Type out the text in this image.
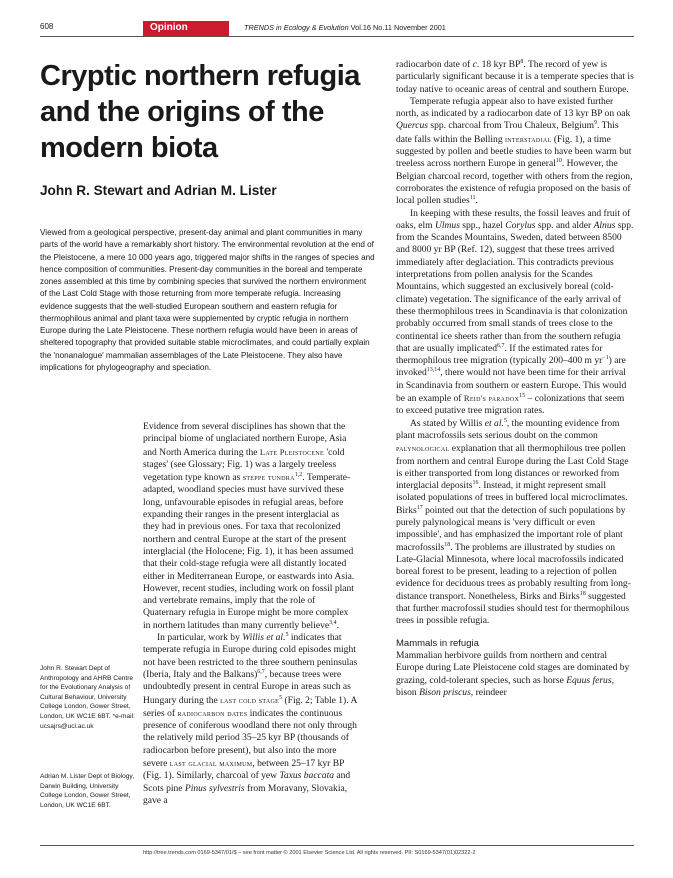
608	Opinion	TRENDS in Ecology & Evolution Vol.16 No.11 November 2001
Cryptic northern refugia and the origins of the modern biota
John R. Stewart and Adrian M. Lister
Viewed from a geological perspective, present-day animal and plant communities in many parts of the world have a remarkably short history. The environmental revolution at the end of the Pleistocene, a mere 10 000 years ago, triggered major shifts in the ranges of species and hence composition of communities. Present-day communities in the boreal and temperate zones assembled at this time by combining species that survived the northern environment of the Last Cold Stage with those returning from more temperate refugia. Increasing evidence suggests that the well-studied European southern and eastern refugia for thermophilous animal and plant taxa were supplemented by cryptic refugia in northern Europe during the Late Pleistocene. These northern refugia would have been in areas of sheltered topography that provided suitable stable microclimates, and could partially explain the 'nonanalogue' mammalian assemblages of the Late Pleistocene. They also have implications for phylogeography and speciation.

Evidence from several disciplines has shown that the principal biome of unglaciated northern Europe, Asia and North America during the Late Pleistocene 'cold stages' (see Glossary; Fig. 1) was a largely treeless vegetation type known as steppe tundra$^{1,2}$. Temperate-adapted, woodland species must have survived these long, unfavourable episodes in refugial areas, before expanding their ranges in the present interglacial as they had in previous ones. For taxa that recolonized northern and central Europe at the start of the present interglacial (the Holocene; Fig. 1), it has been assumed that their cold-stage refugia were all distantly located either in Mediterranean Europe, or eastwards into Asia. However, recent studies, including work on fossil plant and vertebrate remains, imply that the role of Quaternary refugia in Europe might be more complex in northern latitudes than many currently believe$^{3,4}$.

In particular, work by Willis et al.$^5$ indicates that temperate refugia in Europe during cold episodes might not have been restricted to the three southern peninsulas (Iberia, Italy and the Balkans)$^{6,7}$, because trees were undoubtedly present in central Europe in areas such as Hungary during the last cold stage$^5$ (Fig. 2; Table 1). A series of radiocarbon dates indicates the continuous presence of coniferous woodland there not only through the relatively mild period 35–25 kyr BP (thousands of radiocarbon before present), but also into the more severe last glacial maximum, between 25–17 kyr BP (Fig. 1). Similarly, charcoal of yew Taxus baccata and Scots pine Pinus sylvestris from Moravany, Slovakia, gave a

radiocarbon date of c. 18 kyr $BP^8$. The record of yew is particularly significant because it is a temperate species that is today native to oceanic areas of central and southern Europe.

Temperate refugia appear also to have existed further north, as indicated by a radiocarbon date of 13 kyr BP on oak Quercus spp. charcoal from Trou Chaleux, Belgium$^9$. This date falls within the Bølling interstadial (Fig. 1), a time suggested by pollen and beetle studies to have been warm but treeless across northern Europe in general$^{10}$. However, the Belgian charcoal record, together with others from the region, corroborates the existence of refugia proposed on the basis of local pollen studies$^{11}$.

In keeping with these results, the fossil leaves and fruit of oaks, elm Ulmus spp., hazel Corylus spp. and alder Alnus spp. from the Scandes Mountains, Sweden, dated between 8500 and 8000 yr BP (Ref. 12), suggest that these trees arrived immediately after deglaciation. This contradicts previous interpretations from pollen analysis for the Scandes Mountains, which suggested an exclusively boreal (cold-climate) vegetation. The significance of the early arrival of these thermophilous trees in Scandinavia is that colonization probably occurred from small stands of trees close to the continental ice sheets rather than from the southern refugia that are usually implicated$^{6,7}$. If the estimated rates for thermophilous tree migration (typically 200–400 m $yr^{-1}$) are invoked$^{13,14}$, there would not have been time for their arrival in Scandinavia from southern or eastern Europe. This would be an example of Reid's paradox$^{15}$ – colonizations that seem to exceed putative tree migration rates.

As stated by Willis et al.$^5$, the mounting evidence from plant macrofossils sets serious doubt on the common palynological explanation that all thermophilous tree pollen from northern and central Europe during the Last Cold Stage is either transported from long distances or reworked from interglacial deposits$^{16}$. Instead, it might represent small isolated populations of trees in buffered local microclimates. Birks$^{17}$ pointed out that the detection of such populations by purely palynological means is 'very difficult or even impossible', and has emphasized the important role of plant macrofossils$^{18}$. The problems are illustrated by studies on Late-Glacial Minnesota, where local macrofossils indicated boreal forest to be present, leading to a rejection of pollen evidence for deciduous trees as probably resulting from long-distance transport. Nonetheless, Birks and Birks$^{18}$ suggested that further macrofossil studies should test for thermophilous trees in possible refugia.

Mammals in refugia

Mammalian herbivore guilds from northern and central Europe during Late Pleistocene cold stages are dominated by grazing, cold-tolerant species, such as horse Equus ferus, bison Bison priscus, reindeer

John R. Stewart Dept of Anthropology and AHRB Centre for the Evolutionary Analysis of Cultural Behaviour, University College London, Gower Street, London, UK WC1E 6BT. *e-mail: ucsajrs@ucl.ac.uk
Adrian M. Lister Dept of Biology, Darwin Building, University College London, Gower Street, London, UK WC1E 6BT.
http://tree.trends.com 0169-5347/01/$ – see front matter © 2001 Elsevier Science Ltd. All rights reserved. PII: S0169-5347(01)02322-2
